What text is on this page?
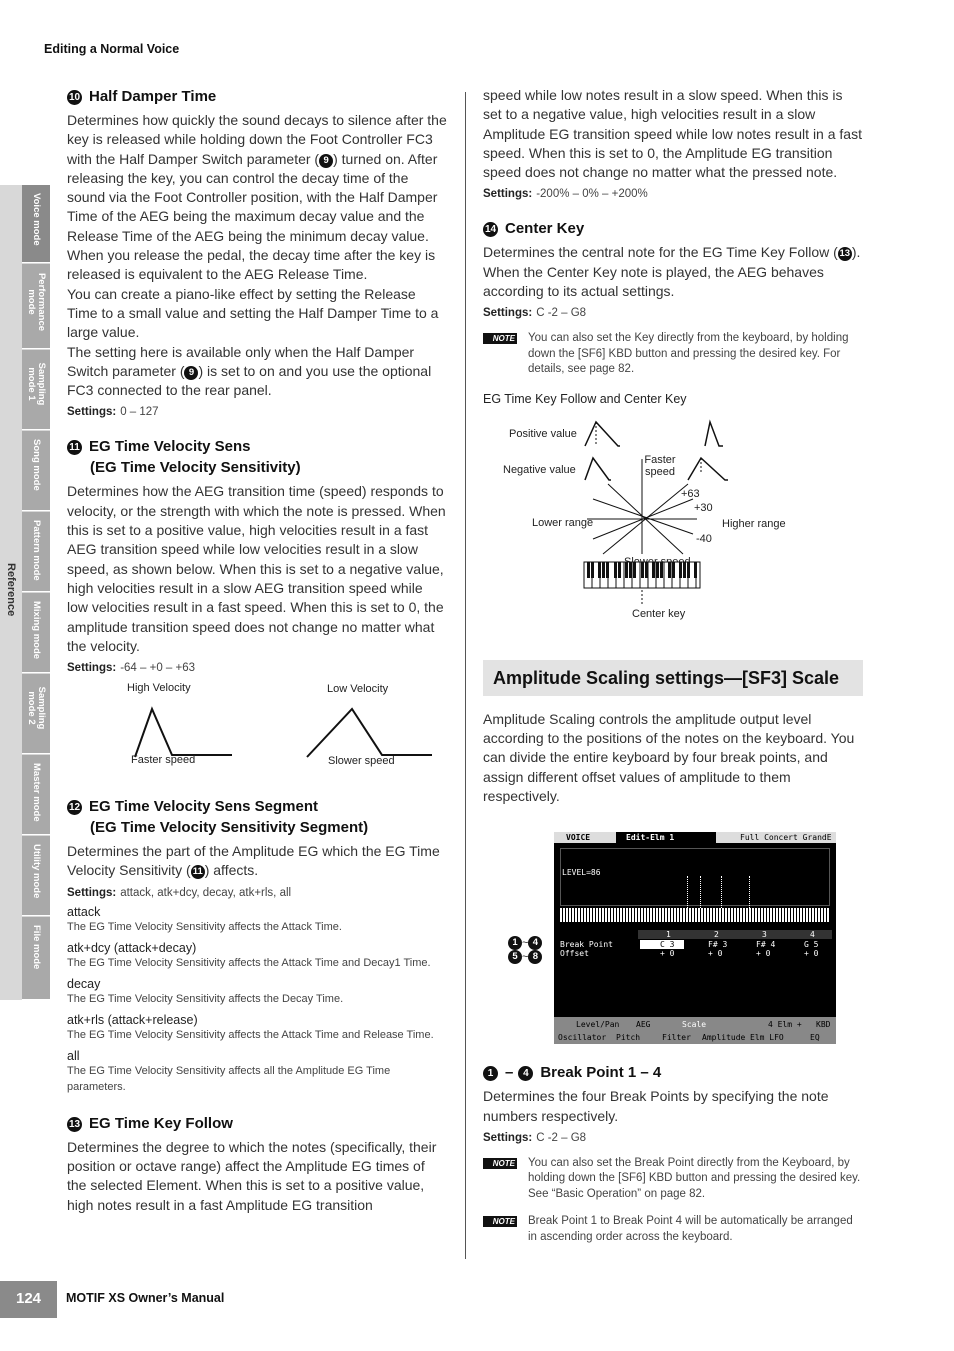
Editing a Normal Voice
Voice mode
Performance mode
Sampling mode 1
Song mode
Pattern mode
Mixing mode
Sampling mode 2
Master mode
Utility mode
File mode
Reference
10 Half Damper Time

Determines how quickly the sound decays to silence after the key is released while holding down the Foot Controller FC3 with the Half Damper Switch parameter ( 9 ) turned on. After releasing the key, you can control the decay time of the sound via the Foot Controller position, with the Half Damper Time of the AEG being the maximum decay value and the Release Time of the AEG being the minimum decay value.

When you release the pedal, the decay time after the key is released is equivalent to the AEG Release Time.

You can create a piano-like effect by setting the Release Time to a small value and setting the Half Damper Time to a large value.

The setting here is available only when the Half Damper Switch parameter ( 9 ) is set to on and you use the optional FC3 connected to the rear panel.

Settings: 0 – 127
11 EG Time Velocity Sens
(EG Time Velocity Sensitivity)

Determines how the AEG transition time (speed) responds to velocity, or the strength with which the note is pressed. When this is set to a positive value, high velocities result in a fast AEG transition speed while low velocities result in a slow speed, as shown below. When this is set to a negative value, high velocities result in a slow AEG transition speed while low velocities result in a fast speed. When this is set to 0, the amplitude transition speed does not change no matter what the velocity.

Settings: -64 – +0 – +63
High Velocity	Low Velocity
Faster speed	Slower speed
12 EG Time Velocity Sens Segment
(EG Time Velocity Sensitivity Segment)

Determines the part of the Amplitude EG which the EG Time Velocity Sensitivity ( 11 ) affects.

Settings: attack, atk+dcy, decay, atk+rls, all
attack
The EG Time Velocity Sensitivity affects the Attack Time.
atk+dcy (attack+decay)
The EG Time Velocity Sensitivity affects the Attack Time and Decay1 Time.
decay
The EG Time Velocity Sensitivity affects the Decay Time.
atk+rls (attack+release)
The EG Time Velocity Sensitivity affects the Attack Time and Release Time.
all
The EG Time Velocity Sensitivity affects all the Amplitude EG Time parameters.
13 EG Time Key Follow

Determines the degree to which the notes (specifically, their position or octave range) affect the Amplitude EG times of the selected Element. When this is set to a positive value, high notes result in a fast Amplitude EG transition

speed while low notes result in a slow speed. When this is set to a negative value, high velocities result in a slow Amplitude EG transition speed while low notes result in a fast speed. When this is set to 0, the Amplitude EG transition speed does not change no matter what the pressed note.

Settings: -200% – 0% – +200%
14 Center Key

Determines the central note for the EG Time Key Follow ( 13 ). When the Center Key note is played, the AEG behaves according to its actual settings.

Settings: C -2 – G8
NOTE You can also set the Key directly from the keyboard, by holding down the [SF6] KBD button and pressing the desired key. For details, see page 82.
EG Time Key Follow and Center Key
Positive value
Negative value
Faster
speed
+63
+30
-40
Lower range	Higher range
Center key
Amplitude Scaling settings—[SF3] Scale

Amplitude Scaling controls the amplitude output level according to the positions of the notes on the keyboard. You can divide the entire keyboard by four break points, and assign different offset values of amplitude to them respectively.

1 ~ 4
5 ~ 8
VOICE	Edit-Elm 1	Full Concert GrandE
LEVEL=86
1	2	3	4
Break Point	C 3	F# 3	F# 4	G 5
Offset	+ 0	+ 0	+ 0	+ 0
Level/Pan AEG	Scale	4 Elm + KBD
Oscillator Pitch	Filter Amplitude Elm LFO	EQ
1 – 4 Break Point 1 – 4

Determines the four Break Points by specifying the note numbers respectively.

Settings: C -2 – G8
NOTE You can also set the Break Point directly from the Keyboard, by holding down the [SF6] KBD button and pressing the desired key. See “Basic Operation” on page 82.
NOTE Break Point 1 to Break Point 4 will be automatically be arranged in ascending order across the keyboard.
124	MOTIF XS Owner’s Manual
